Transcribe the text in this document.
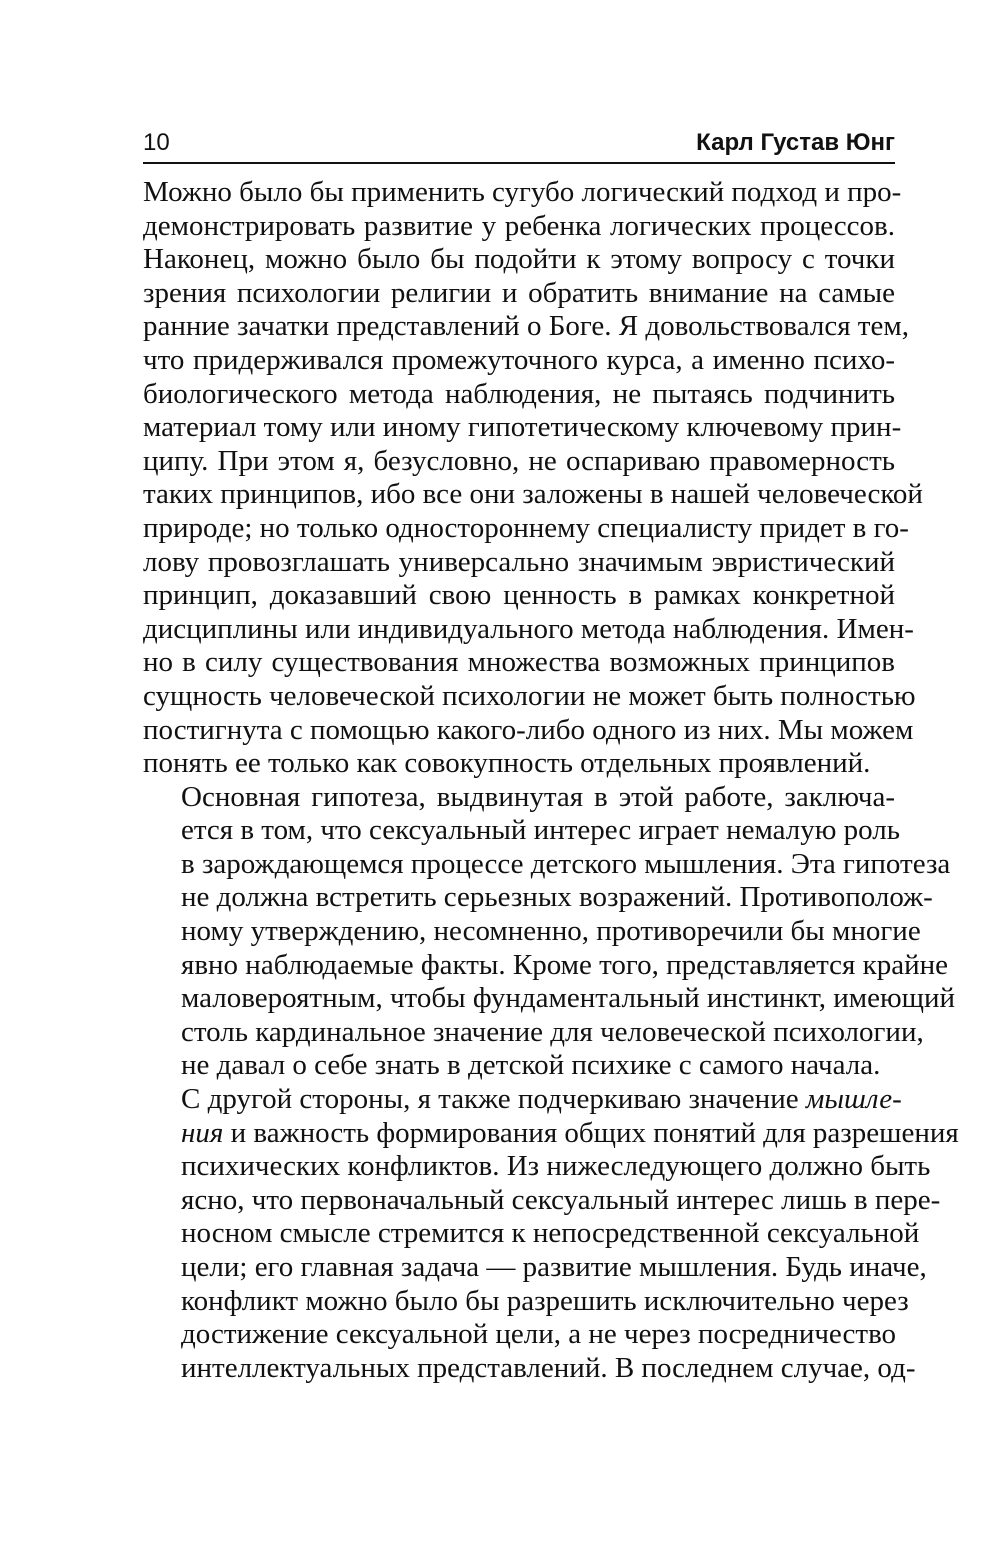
10	Карл Густав Юнг

Можно было бы применить сугубо логический подход и про-
демонстрировать развитие у ребенка логических процессов.
Наконец, можно было бы подойти к этому вопросу с точки
зрения психологии религии и обратить внимание на самые
ранние зачатки представлений о Боге. Я довольствовался тем,
что придерживался промежуточного курса, а именно психо-
биологического метода наблюдения, не пытаясь подчинить
материал тому или иному гипотетическому ключевому прин-
ципу. При этом я, безусловно, не оспариваю правомерность
таких принципов, ибо все они заложены в нашей человеческой
природе; но только одностороннему специалисту придет в го-
лову провозглашать универсально значимым эвристический
принцип, доказавший свою ценность в рамках конкретной
дисциплины или индивидуального метода наблюдения. Имен-
но в силу существования множества возможных принципов
сущность человеческой психологии не может быть полностью
постигнута с помощью какого-либо одного из них. Мы можем
понять ее только как совокупность отдельных проявлений.

Основная гипотеза, выдвинутая в этой работе, заключа-
ется в том, что сексуальный интерес играет немалую роль
в зарождающемся процессе детского мышления. Эта гипотеза
не должна встретить серьезных возражений. Противополож-
ному утверждению, несомненно, противоречили бы многие
явно наблюдаемые факты. Кроме того, представляется крайне
маловероятным, чтобы фундаментальный инстинкт, имеющий
столь кардинальное значение для человеческой психологии,
не давал о себе знать в детской психике с самого начала.

С другой стороны, я также подчеркиваю значение мышле-
ния и важность формирования общих понятий для разрешения
психических конфликтов. Из нижеследующего должно быть
ясно, что первоначальный сексуальный интерес лишь в пере-
носном смысле стремится к непосредственной сексуальной
цели; его главная задача — развитие мышления. Будь иначе,
конфликт можно было бы разрешить исключительно через
достижение сексуальной цели, а не через посредничество
интеллектуальных представлений. В последнем случае, од-
